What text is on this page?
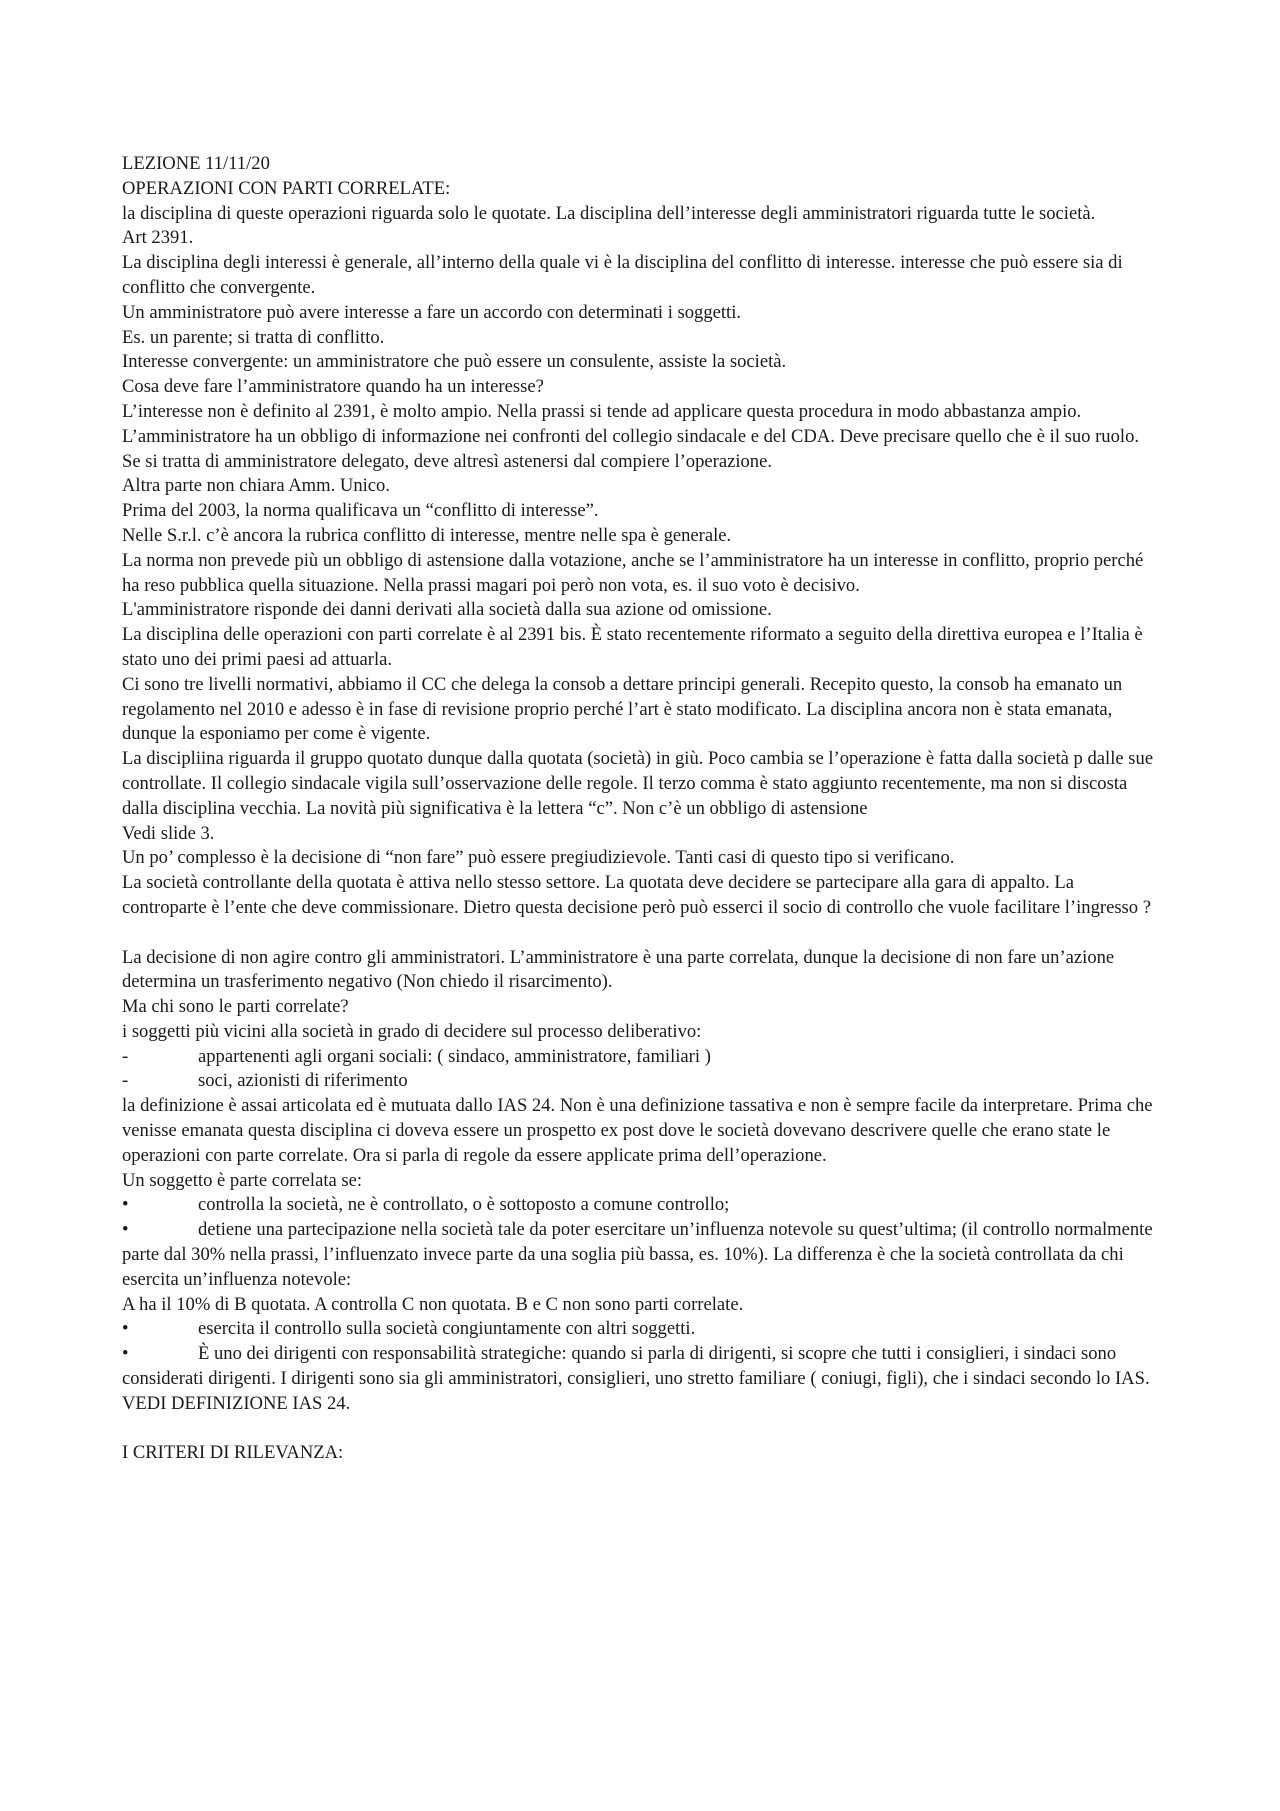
LEZIONE 11/11/20

OPERAZIONI CON PARTI CORRELATE:

la disciplina di queste operazioni riguarda solo le quotate. La disciplina dell’interesse degli amministratori riguarda tutte le società.

Art 2391.

La disciplina degli interessi è generale, all’interno della quale vi è la disciplina del conflitto di interesse. interesse che può essere sia di conflitto che convergente.

Un amministratore può avere interesse a fare un accordo con determinati i soggetti.

Es. un parente; si tratta di conflitto.

Interesse convergente: un amministratore che può essere un consulente, assiste la società.

Cosa deve fare l’amministratore quando ha un interesse?

L’interesse non è definito al 2391, è molto ampio. Nella prassi si tende ad applicare questa procedura in modo abbastanza ampio.

L’amministratore ha un obbligo di informazione nei confronti del collegio sindacale e del CDA. Deve precisare quello che è il suo ruolo.

Se si tratta di amministratore delegato, deve altresì astenersi dal compiere l’operazione.

Altra parte non chiara Amm. Unico.

Prima del 2003, la norma qualificava un “conflitto di interesse”.

Nelle S.r.l. c’è ancora la rubrica conflitto di interesse, mentre nelle spa è generale.

La norma non prevede più un obbligo di astensione dalla votazione, anche se l’amministratore ha un interesse in conflitto, proprio perché ha reso pubblica quella situazione. Nella prassi magari poi però non vota, es. il suo voto è decisivo.

L'amministratore risponde dei danni derivati alla società dalla sua azione od omissione.

La disciplina delle operazioni con parti correlate è al 2391 bis. È stato recentemente riformato a seguito della direttiva europea e l’Italia è stato uno dei primi paesi ad attuarla.

Ci sono tre livelli normativi, abbiamo il CC che delega la consob a dettare principi generali. Recepito questo, la consob ha emanato un regolamento nel 2010 e adesso è in fase di revisione proprio perché l’art è stato modificato. La disciplina ancora non è stata emanata, dunque la esponiamo per come è vigente.

La discipliina riguarda il gruppo quotato dunque dalla quotata (società) in giù. Poco cambia se l’operazione è fatta dalla società p dalle sue controllate. Il collegio sindacale vigila sull’osservazione delle regole. Il terzo comma è stato aggiunto recentemente, ma non si discosta dalla disciplina vecchia. La novità più significativa è la lettera “c”. Non c’è un obbligo di astensione

Vedi slide 3.

Un po’ complesso è la decisione di “non fare” può essere pregiudizievole. Tanti casi di questo tipo si verificano.

La società controllante della quotata è attiva nello stesso settore. La quotata deve decidere se partecipare alla gara di appalto. La controparte è l’ente che deve commissionare. Dietro questa decisione però può esserci il socio di controllo che vuole facilitare l’ingresso ?

La decisione di non agire contro gli amministratori. L’amministratore è una parte correlata, dunque la decisione di non fare un’azione determina un trasferimento negativo (Non chiedo il risarcimento).

Ma chi sono le parti correlate?

i soggetti più vicini alla società in grado di decidere sul processo deliberativo:

-	appartenenti agli organi sociali: ( sindaco, amministratore, familiari )
-	soci, azionisti di riferimento

la definizione è assai articolata ed è mutuata dallo IAS 24. Non è una definizione tassativa e non è sempre facile da interpretare. Prima che venisse emanata questa disciplina ci doveva essere un prospetto ex post dove le società dovevano descrivere quelle che erano state le operazioni con parte correlate. Ora si parla di regole da essere applicate prima dell’operazione.

Un soggetto è parte correlata se:

•	controlla la società, ne è controllato, o è sottoposto a comune controllo;

•	detiene una partecipazione nella società tale da poter esercitare un’influenza notevole su quest’ultima; (il controllo normalmente parte dal 30% nella prassi, l’influenzato invece parte da una soglia più bassa, es. 10%). La differenza è che la società controllata da chi esercita un’influenza notevole:

A ha il 10% di B quotata. A controlla C non quotata. B e C non sono parti correlate.

•	esercita il controllo sulla società congiuntamente con altri soggetti.

•	È uno dei dirigenti con responsabilità strategiche: quando si parla di dirigenti, si scopre che tutti i consiglieri, i sindaci sono considerati dirigenti. I dirigenti sono sia gli amministratori, consiglieri, uno stretto familiare ( coniugi, figli), che i sindaci secondo lo IAS.

VEDI DEFINIZIONE IAS 24.

I CRITERI DI RILEVANZA:
